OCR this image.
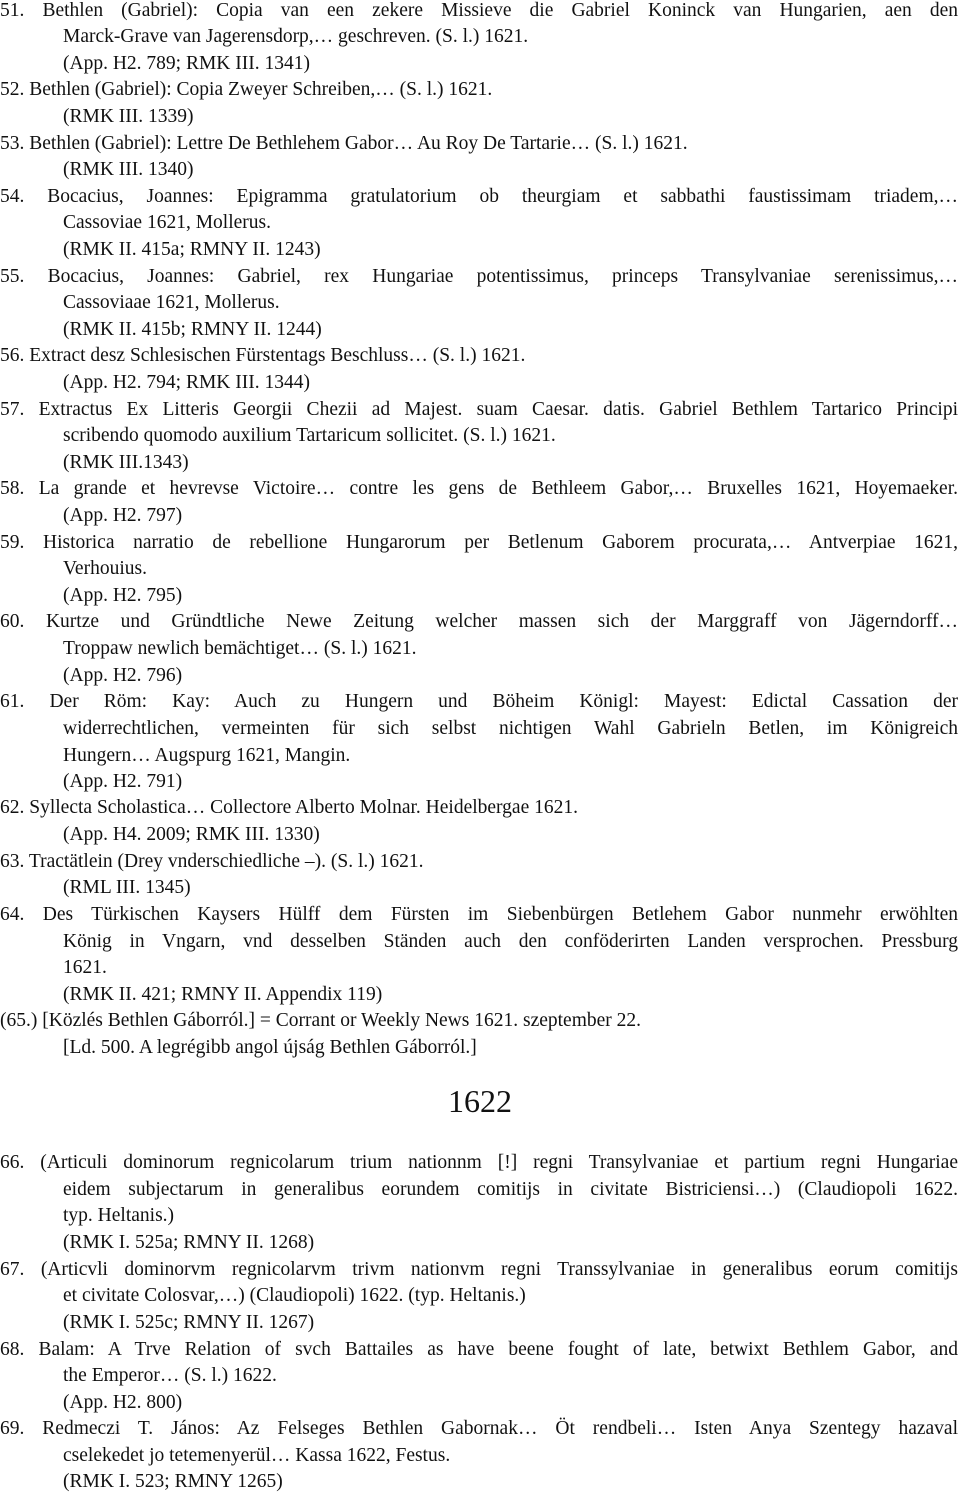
1622
51. Bethlen (Gabriel): Copia van een zekere Missieve die Gabriel Koninck van Hungarien, aen den
Marck-Grave van Jagerensdorp,… geschreven. (S. l.) 1621.
(App. H2. 789; RMK III. 1341)
52. Bethlen (Gabriel): Copia Zweyer Schreiben,… (S. l.) 1621.
(RMK III. 1339)
53. Bethlen (Gabriel): Lettre De Bethlehem Gabor… Au Roy De Tartarie… (S. l.) 1621.
(RMK III. 1340)
54. Bocacius, Joannes: Epigramma gratulatorium ob theurgiam et sabbathi faustissimam triadem,…
Cassoviae 1621, Mollerus.
(RMK II. 415a; RMNY II. 1243)
55. Bocacius, Joannes: Gabriel, rex Hungariae potentissimus, princeps Transylvaniae serenissimus,…
Cassoviaae 1621, Mollerus.
(RMK II. 415b; RMNY II. 1244)
56. Extract desz Schlesischen Fürstentags Beschluss… (S. l.) 1621.
(App. H2. 794; RMK III. 1344)
57. Extractus Ex Litteris Georgii Chezii ad Majest. suam Caesar. datis. Gabriel Bethlem Tartarico Principi
scribendo quomodo auxilium Tartaricum sollicitet. (S. l.) 1621.
(RMK III.1343)
58. La grande et hevrevse Victoire… contre les gens de Bethleem Gabor,… Bruxelles 1621, Hoyemaeker.
(App. H2. 797)
59. Historica narratio de rebellione Hungarorum per Betlenum Gaborem procurata,… Antverpiae 1621,
Verhouius.
(App. H2. 795)
60. Kurtze und Gründtliche Newe Zeitung welcher massen sich der Marggraff von Jägerndorff…
Troppaw newlich bemächtiget… (S. l.) 1621.
(App. H2. 796)
61. Der Röm: Kay: Auch zu Hungern und Böheim Königl: Mayest: Edictal Cassation der
widerrechtlichen, vermeinten für sich selbst nichtigen Wahl Gabrieln Betlen, im Königreich
Hungern… Augspurg 1621, Mangin.
(App. H2. 791)
62. Syllecta Scholastica… Collectore Alberto Molnar. Heidelbergae 1621.
(App. H4. 2009; RMK III. 1330)
63. Tractätlein (Drey vnderschiedliche –). (S. l.) 1621.
(RML III. 1345)
64. Des Türkischen Kaysers Hülff dem Fürsten im Siebenbürgen Betlehem Gabor nunmehr erwöhlten
König in Vngarn, vnd desselben Ständen auch den conföderirten Landen versprochen. Pressburg
1621.
(RMK II. 421; RMNY II. Appendix 119)
(65.) [Közlés Bethlen Gáborról.] = Corrant or Weekly News 1621. szeptember 22.
[Ld. 500. A legrégibb angol újság Bethlen Gáborról.]
66. (Articuli dominorum regnicolarum trium nationnm [!] regni Transylvaniae et partium regni Hungariae
eidem subjectarum in generalibus eorundem comitijs in civitate Bistriciensi…) (Claudiopoli 1622.
typ. Heltanis.)
(RMK I. 525a; RMNY II. 1268)
67. (Articvli dominorvm regnicolarvm trivm nationvm regni Transsylvaniae in generalibus eorum comitijs
et civitate Colosvar,…) (Claudiopoli) 1622. (typ. Heltanis.)
(RMK I. 525c; RMNY II. 1267)
68. Balam: A Trve Relation of svch Battailes as have beene fought of late, betwixt Bethlem Gabor, and
the Emperor… (S. l.) 1622.
(App. H2. 800)
69. Redmeczi T. János: Az Felseges Bethlen Gabornak… Öt rendbeli… Isten Anya Szentegy hazaval
cselekedet jo tetemenyerül… Kassa 1622, Festus.
(RMK I. 523; RMNY 1265)
